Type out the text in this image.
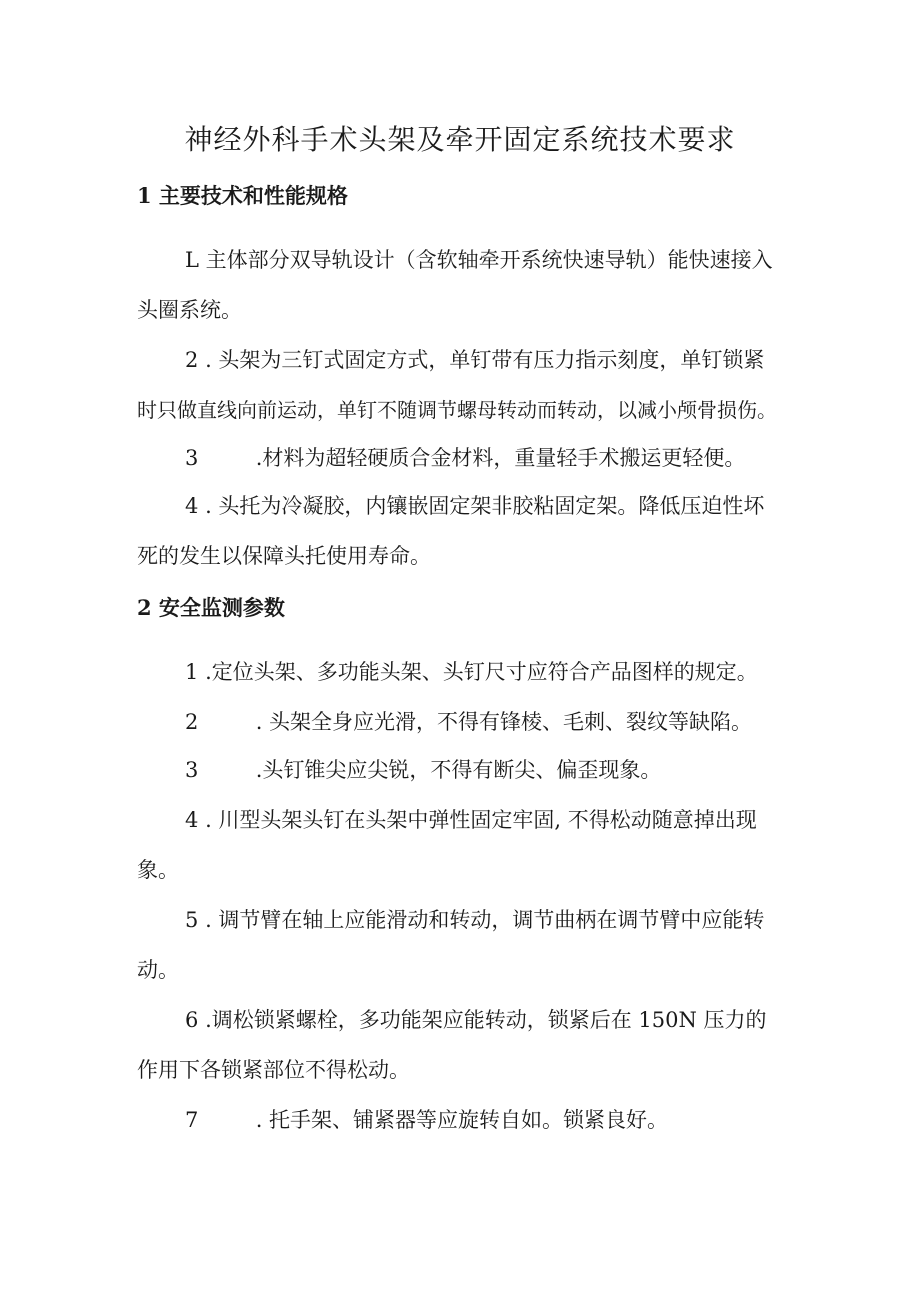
神经外科手术头架及牵开固定系统技术要求
1 主要技术和性能规格
L 主体部分双导轨设计（含软轴牵开系统快速导轨）能快速接入
头圈系统。
2 . 头架为三钉式固定方式，单钉带有压力指示刻度，单钉锁紧
时只做直线向前运动，单钉不随调节螺母转动而转动，以减小颅骨损伤。
3	.材料为超轻硬质合金材料，重量轻手术搬运更轻便。
4 . 头托为冷凝胶，内镶嵌固定架非胶粘固定架。降低压迫性坏
死的发生以保障头托使用寿命。
2 安全监测参数
1 .定位头架、多功能头架、头钉尺寸应符合产品图样的规定。
2	. 头架全身应光滑，不得有锋棱、毛刺、裂纹等缺陷。
3	.头钉锥尖应尖锐，不得有断尖、偏歪现象。
4 . 川型头架头钉在头架中弹性固定牢固, 不得松动随意掉出现
象。
5 . 调节臂在轴上应能滑动和转动，调节曲柄在调节臂中应能转
动。
6 .调松锁紧螺栓，多功能架应能转动，锁紧后在 150N 压力的
作用下各锁紧部位不得松动。
7	. 托手架、铺紧器等应旋转自如。锁紧良好。
